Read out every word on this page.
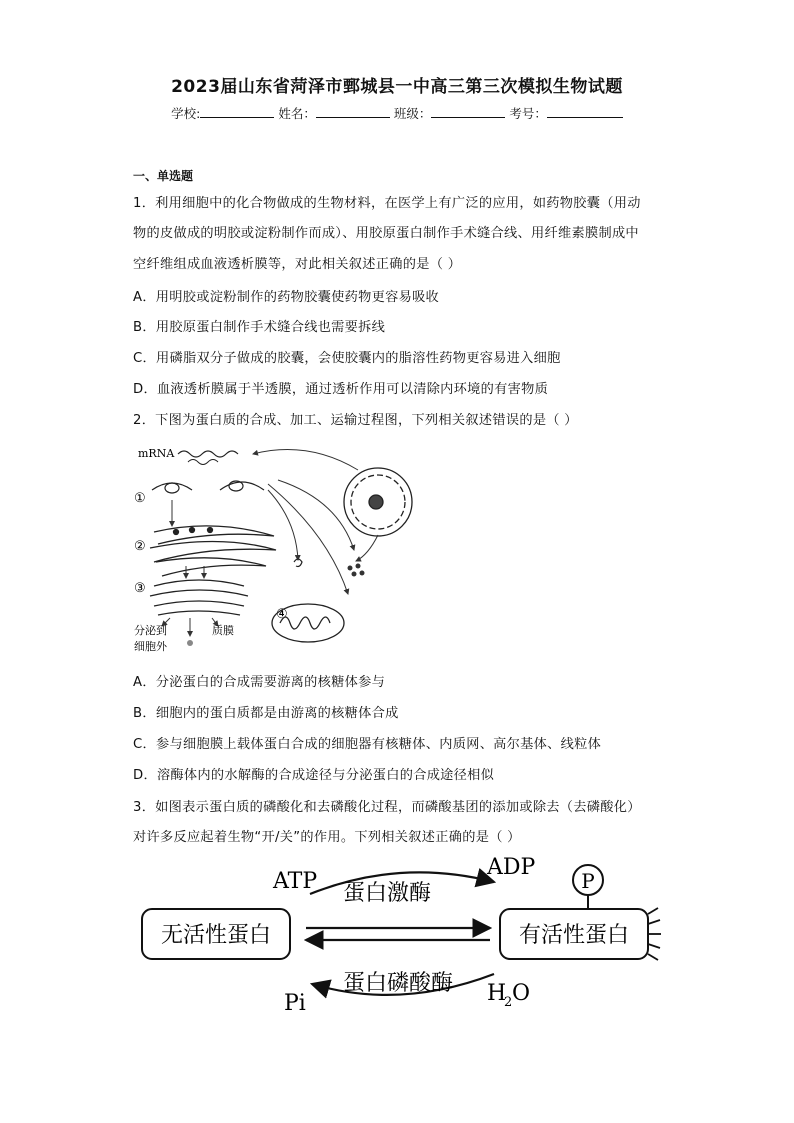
2023届山东省菏泽市鄄城县一中高三第三次模拟生物试题
学校:	姓名：	班级：	考号：
一、单选题
1．利用细胞中的化合物做成的生物材料，在医学上有广泛的应用，如药物胶囊（用动
物的皮做成的明胶或淀粉制作而成）、用胶原蛋白制作手术缝合线、用纤维素膜制成中
空纤维组成血液透析膜等，对此相关叙述正确的是（ ）
A．用明胶或淀粉制作的药物胶囊使药物更容易吸收
B．用胶原蛋白制作手术缝合线也需要拆线
C．用磷脂双分子做成的胶囊，会使胶囊内的脂溶性药物更容易进入细胞
D．血液透析膜属于半透膜，通过透析作用可以清除内环境的有害物质
2．下图为蛋白质的合成、加工、运输过程图，下列相关叙述错误的是（ ）
mRNA
①
②
③
分泌到
细胞外
质膜
④
A．分泌蛋白的合成需要游离的核糖体参与
B．细胞内的蛋白质都是由游离的核糖体合成
C．参与细胞膜上载体蛋白合成的细胞器有核糖体、内质网、高尔基体、线粒体
D．溶酶体内的水解酶的合成途径与分泌蛋白的合成途径相似
3．如图表示蛋白质的磷酸化和去磷酸化过程，而磷酸基团的添加或除去（去磷酸化）
对许多反应起着生物“开/关”的作用。下列相关叙述正确的是（ ）
ATP
ADP
蛋白激酶
无活性蛋白	有活性蛋白
P
蛋白磷酸酶
Pi	H
2 O
